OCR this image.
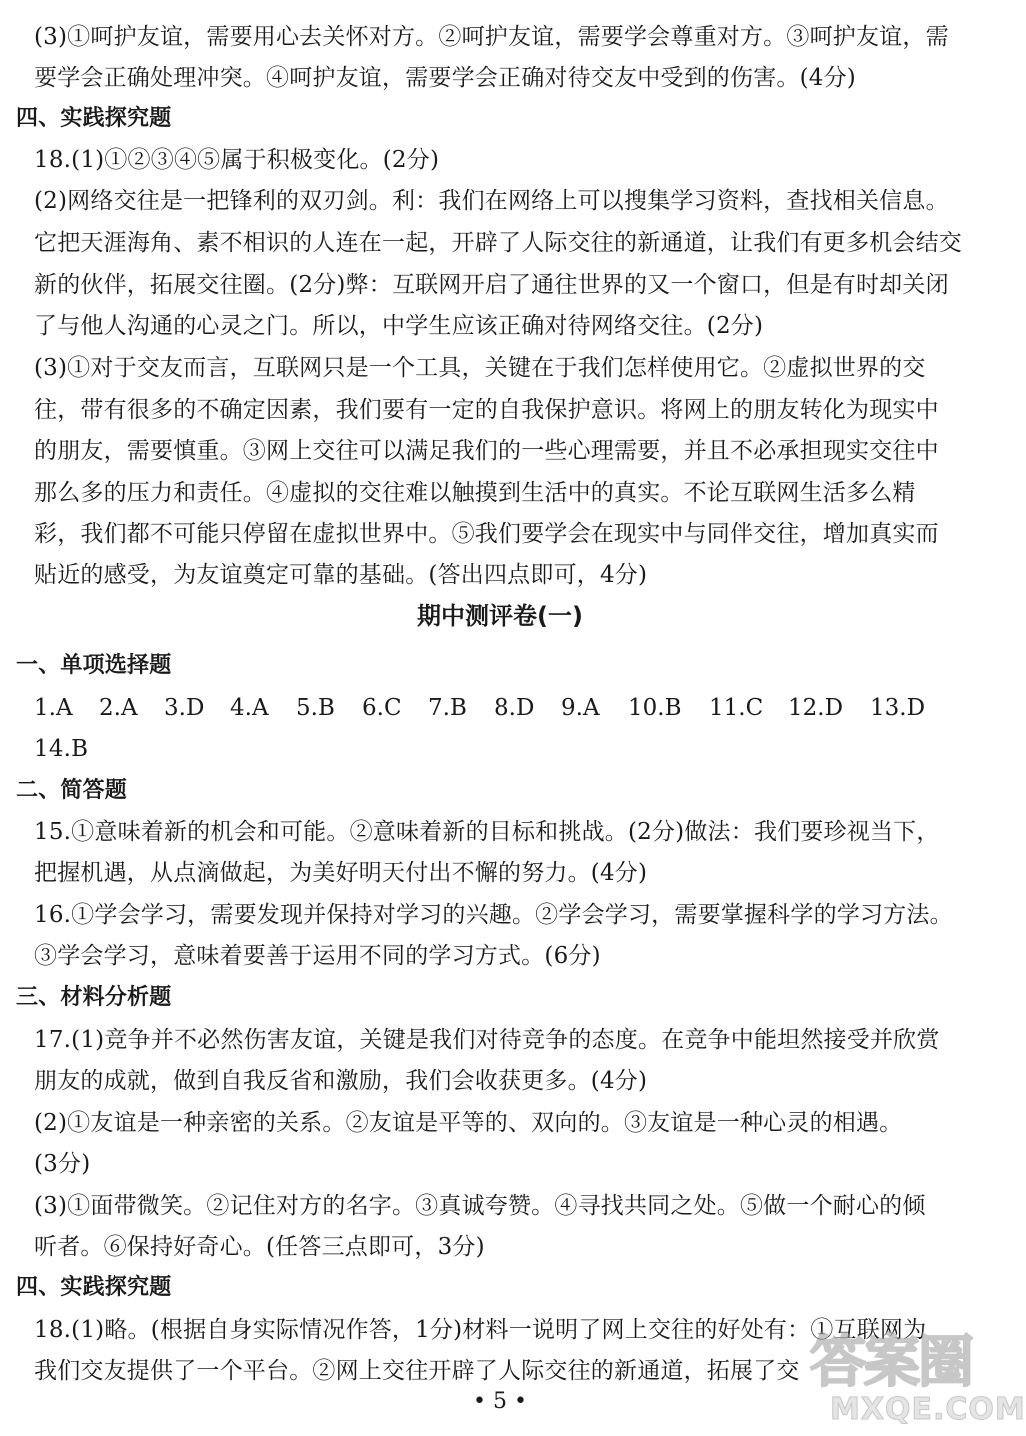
(3)①呵护友谊，需要用心去关怀对方。②呵护友谊，需要学会尊重对方。③呵护友谊，需
要学会正确处理冲突。④呵护友谊，需要学会正确对待交友中受到的伤害。(4分)
四、实践探究题
18.(1)①②③④⑤属于积极变化。(2分)
(2)网络交往是一把锋利的双刃剑。利：我们在网络上可以搜集学习资料，查找相关信息。
它把天涯海角、素不相识的人连在一起，开辟了人际交往的新通道，让我们有更多机会结交
新的伙伴，拓展交往圈。(2分)弊：互联网开启了通往世界的又一个窗口，但是有时却关闭
了与他人沟通的心灵之门。所以，中学生应该正确对待网络交往。(2分)
(3)①对于交友而言，互联网只是一个工具，关键在于我们怎样使用它。②虚拟世界的交
往，带有很多的不确定因素，我们要有一定的自我保护意识。将网上的朋友转化为现实中
的朋友，需要慎重。③网上交往可以满足我们的一些心理需要，并且不必承担现实交往中
那么多的压力和责任。④虚拟的交往难以触摸到生活中的真实。不论互联网生活多么精
彩，我们都不可能只停留在虚拟世界中。⑤我们要学会在现实中与同伴交往，增加真实而
贴近的感受，为友谊奠定可靠的基础。(答出四点即可，4分)
期中测评卷(一)
一、单项选择题
1.A 2.A 3.D 4.A 5.B 6.C 7.B 8.D 9.A 10.B 11.C 12.D 13.D
14.B
二、简答题
15.①意味着新的机会和可能。②意味着新的目标和挑战。(2分)做法：我们要珍视当下，
把握机遇，从点滴做起，为美好明天付出不懈的努力。(4分)
16.①学会学习，需要发现并保持对学习的兴趣。②学会学习，需要掌握科学的学习方法。
③学会学习，意味着要善于运用不同的学习方式。(6分)
三、材料分析题
17.(1)竞争并不必然伤害友谊，关键是我们对待竞争的态度。在竞争中能坦然接受并欣赏
朋友的成就，做到自我反省和激励，我们会收获更多。(4分)
(2)①友谊是一种亲密的关系。②友谊是平等的、双向的。③友谊是一种心灵的相遇。
(3分)
(3)①面带微笑。②记住对方的名字。③真诚夸赞。④寻找共同之处。⑤做一个耐心的倾
听者。⑥保持好奇心。(任答三点即可，3分)
四、实践探究题
18.(1)略。(根据自身实际情况作答，1分)材料一说明了网上交往的好处有：①互联网为
我们交友提供了一个平台。②网上交往开辟了人际交往的新通道，拓展了交
• 5 •
答案圈
MXQE.COM
